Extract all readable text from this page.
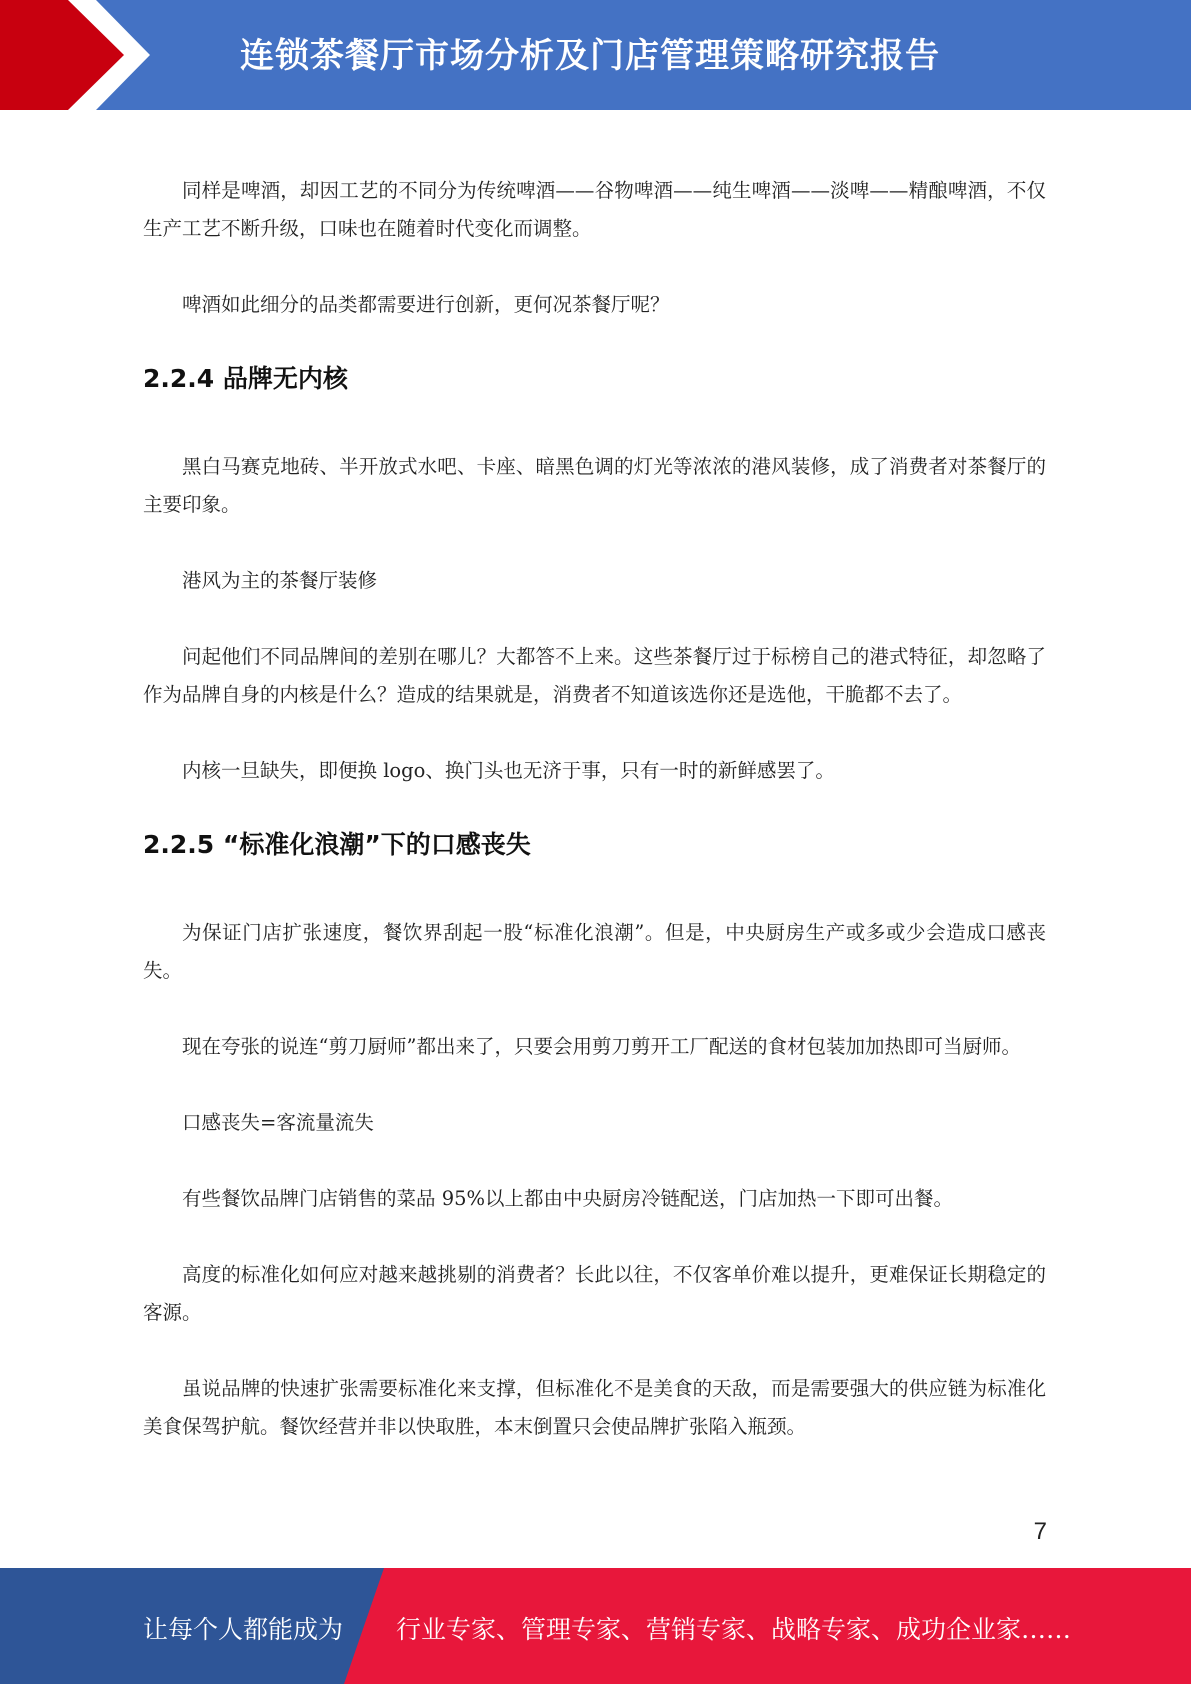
连锁茶餐厅市场分析及门店管理策略研究报告

同样是啤酒，却因工艺的不同分为传统啤酒——谷物啤酒——纯生啤酒——淡啤——精酿啤酒，不仅生产工艺不断升级，口味也在随着时代变化而调整。

啤酒如此细分的品类都需要进行创新，更何况茶餐厅呢？

2.2.4 品牌无内核

黑白马赛克地砖、半开放式水吧、卡座、暗黑色调的灯光等浓浓的港风装修，成了消费者对茶餐厅的主要印象。

港风为主的茶餐厅装修

问起他们不同品牌间的差别在哪儿？大都答不上来。这些茶餐厅过于标榜自己的港式特征，却忽略了作为品牌自身的内核是什么？造成的结果就是，消费者不知道该选你还是选他，干脆都不去了。

内核一旦缺失，即便换 logo、换门头也无济于事，只有一时的新鲜感罢了。

2.2.5 “标准化浪潮”下的口感丧失

为保证门店扩张速度，餐饮界刮起一股“标准化浪潮”。但是，中央厨房生产或多或少会造成口感丧失。

现在夸张的说连“剪刀厨师”都出来了，只要会用剪刀剪开工厂配送的食材包装加加热即可当厨师。

口感丧失=客流量流失

有些餐饮品牌门店销售的菜品 95%以上都由中央厨房冷链配送，门店加热一下即可出餐。

高度的标准化如何应对越来越挑剔的消费者？长此以往，不仅客单价难以提升，更难保证长期稳定的客源。

虽说品牌的快速扩张需要标准化来支撑，但标准化不是美食的天敌，而是需要强大的供应链为标准化美食保驾护航。餐饮经营并非以快取胜，本末倒置只会使品牌扩张陷入瓶颈。

7
让每个人都能成为 行业专家、管理专家、营销专家、战略专家、成功企业家……
